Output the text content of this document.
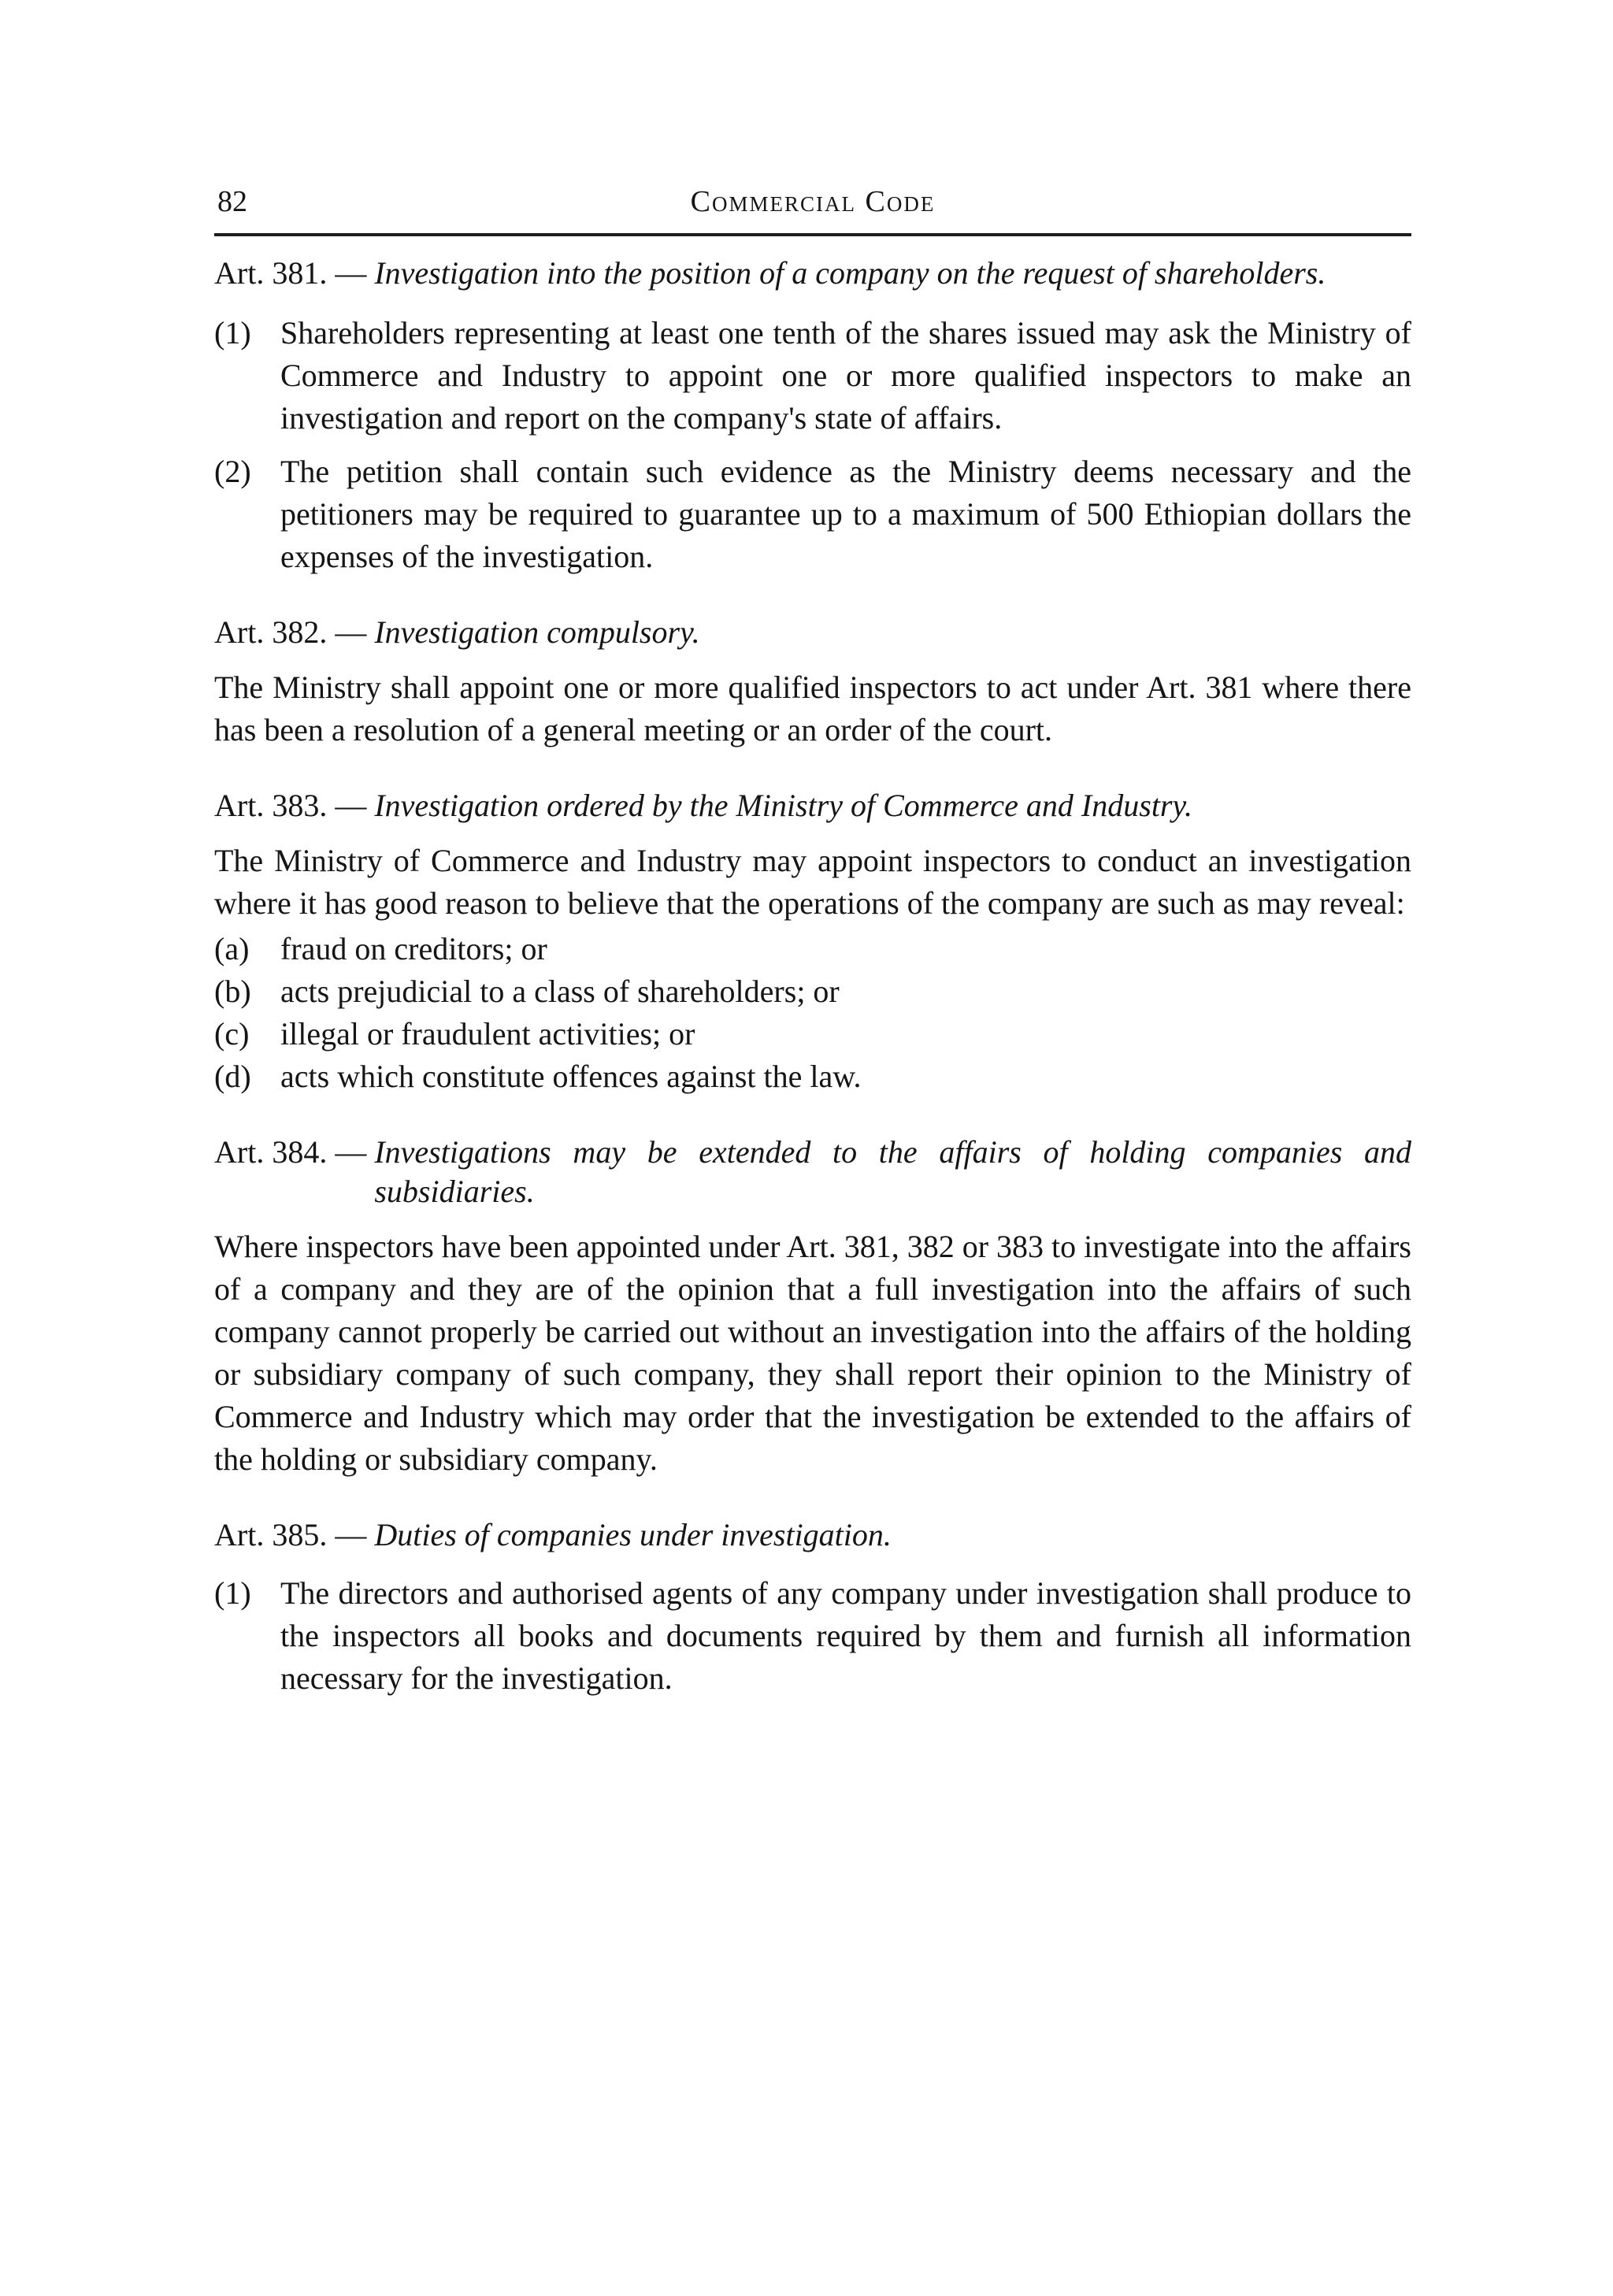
82	Commercial Code
Art. 381. — Investigation into the position of a company on the request of shareholders.
(1) Shareholders representing at least one tenth of the shares issued may ask the Ministry of Commerce and Industry to appoint one or more qualified inspectors to make an investigation and report on the company's state of affairs.
(2) The petition shall contain such evidence as the Ministry deems necessary and the petitioners may be required to guarantee up to a maximum of 500 Ethiopian dollars the expenses of the investigation.
Art. 382. — Investigation compulsory.
The Ministry shall appoint one or more qualified inspectors to act under Art. 381 where there has been a resolution of a general meeting or an order of the court.
Art. 383. — Investigation ordered by the Ministry of Commerce and Industry.
The Ministry of Commerce and Industry may appoint inspectors to conduct an investigation where it has good reason to believe that the operations of the company are such as may reveal:
(a) fraud on creditors; or
(b) acts prejudicial to a class of shareholders; or
(c) illegal or fraudulent activities; or
(d) acts which constitute offences against the law.
Art. 384. — Investigations may be extended to the affairs of holding companies and subsidiaries.
Where inspectors have been appointed under Art. 381, 382 or 383 to investigate into the affairs of a company and they are of the opinion that a full investigation into the affairs of such company cannot properly be carried out without an investigation into the affairs of the holding or subsidiary company of such company, they shall report their opinion to the Ministry of Commerce and Industry which may order that the investigation be extended to the affairs of the holding or subsidiary company.
Art. 385. — Duties of companies under investigation.
(1) The directors and authorised agents of any company under investigation shall produce to the inspectors all books and documents required by them and furnish all information necessary for the investigation.
